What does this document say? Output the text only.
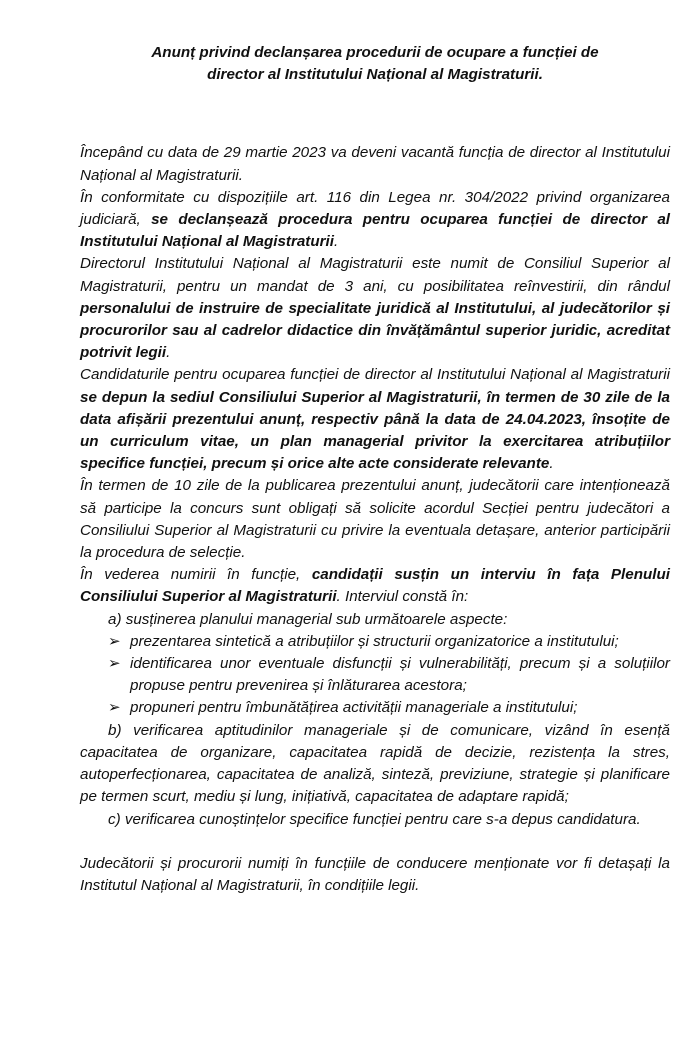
Anunț privind declanșarea procedurii de ocupare a funcției de
director al Institutului Național al Magistraturii.

Începând cu data de 29 martie 2023 va deveni vacantă funcția de director al Institutului Național al Magistraturii.

În conformitate cu dispozițiile art. 116 din Legea nr. 304/2022 privind organizarea judiciară, se declanșează procedura pentru ocuparea funcției de director al Institutului Național al Magistraturii.

Directorul Institutului Național al Magistraturii este numit de Consiliul Superior al Magistraturii, pentru un mandat de 3 ani, cu posibilitatea reînvestirii, din rândul personalului de instruire de specialitate juridică al Institutului, al judecătorilor și procurorilor sau al cadrelor didactice din învățământul superior juridic, acreditat potrivit legii.

Candidaturile pentru ocuparea funcției de director al Institutului Național al Magistraturii se depun la sediul Consiliului Superior al Magistraturii, în termen de 30 zile de la data afișării prezentului anunț, respectiv până la data de 24.04.2023, însoțite de un curriculum vitae, un plan managerial privitor la exercitarea atribuțiilor specifice funcției, precum și orice alte acte considerate relevante.

În termen de 10 zile de la publicarea prezentului anunț, judecătorii care intenționează să participe la concurs sunt obligați să solicite acordul Secției pentru judecători a Consiliului Superior al Magistraturii cu privire la eventuala detașare, anterior participării la procedura de selecție.

În vederea numirii în funcție, candidații susțin un interviu în fața Plenului Consiliului Superior al Magistraturii. Interviul constă în:

a) susținerea planului managerial sub următoarele aspecte:

➢ prezentarea sintetică a atribuțiilor și structurii organizatorice a institutului;
➢ identificarea unor eventuale disfuncții și vulnerabilități, precum și a soluțiilor propuse pentru prevenirea și înlăturarea acestora;
➢ propuneri pentru îmbunătățirea activității manageriale a institutului;

b) verificarea aptitudinilor manageriale și de comunicare, vizând în esență capacitatea de organizare, capacitatea rapidă de decizie, rezistența la stres, autoperfecționarea, capacitatea de analiză, sinteză, previziune, strategie și planificare pe termen scurt, mediu și lung, inițiativă, capacitatea de adaptare rapidă;

c) verificarea cunoștințelor specifice funcției pentru care s-a depus candidatura.

Judecătorii și procurorii numiți în funcțiile de conducere menționate vor fi detașați la Institutul Național al Magistraturii, în condițiile legii.
